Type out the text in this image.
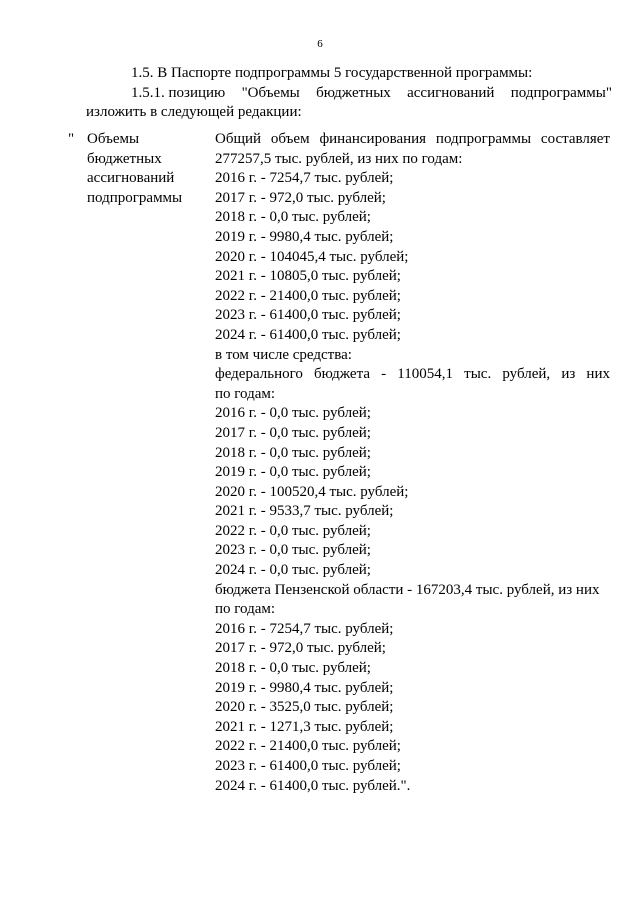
6
1.5. В Паспорте подпрограммы 5 государственной программы:
1.5.1. позицию "Объемы бюджетных ассигнований подпрограммы"
изложить в следующей редакции:
" Объемы
бюджетных
ассигнований
подпрограммы
Общий объем финансирования подпрограммы составляет
277257,5 тыс. рублей, из них по годам:
2016 г. - 7254,7 тыс. рублей;
2017 г. - 972,0 тыс. рублей;
2018 г. - 0,0 тыс. рублей;
2019 г. - 9980,4 тыс. рублей;
2020 г. - 104045,4 тыс. рублей;
2021 г. - 10805,0 тыс. рублей;
2022 г. - 21400,0 тыс. рублей;
2023 г. - 61400,0 тыс. рублей;
2024 г. - 61400,0 тыс. рублей;
в том числе средства:
федерального бюджета - 110054,1 тыс. рублей, из них
по годам:
2016 г. - 0,0 тыс. рублей;
2017 г. - 0,0 тыс. рублей;
2018 г. - 0,0 тыс. рублей;
2019 г. - 0,0 тыс. рублей;
2020 г. - 100520,4 тыс. рублей;
2021 г. - 9533,7 тыс. рублей;
2022 г. - 0,0 тыс. рублей;
2023 г. - 0,0 тыс. рублей;
2024 г. - 0,0 тыс. рублей;
бюджета Пензенской области - 167203,4 тыс. рублей, из них
по годам:
2016 г. - 7254,7 тыс. рублей;
2017 г. - 972,0 тыс. рублей;
2018 г. - 0,0 тыс. рублей;
2019 г. - 9980,4 тыс. рублей;
2020 г. - 3525,0 тыс. рублей;
2021 г. - 1271,3 тыс. рублей;
2022 г. - 21400,0 тыс. рублей;
2023 г. - 61400,0 тыс. рублей;
2024 г. - 61400,0 тыс. рублей.".
